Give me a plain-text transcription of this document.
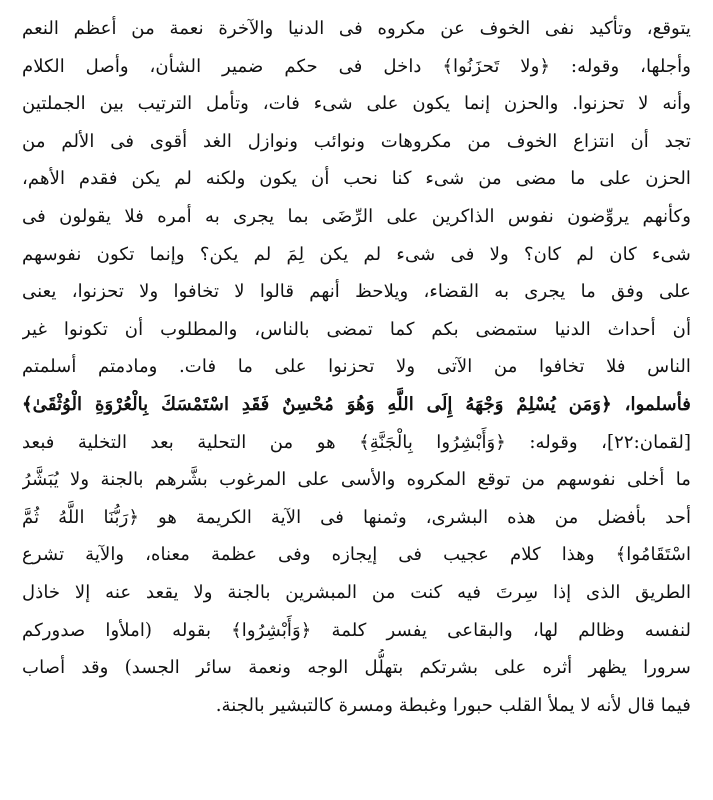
يتوقع، وتأكيد نفى الخوف عن مكروه فى الدنيا والآخرة نعمة من أعظم النعم
وأجلها، وقوله: ﴿ولا تَحزَنُوا﴾ داخل فى حكم ضمير الشأن، وأصل الكلام
وأنه لا تحزنوا. والحزن إنما يكون على شىء فات، وتأمل الترتيب بين الجملتين
تجد أن انتزاع الخوف من مكروهات ونوائب ونوازل الغد أقوى فى الألم من
الحزن على ما مضى من شىء كنا نحب أن يكون ولكنه لم يكن فقدم الأهم،
وكأنهم يروِّضون نفوس الذاكرين على الرِّضَى بما يجرى به أمره فلا يقولون فى
شىء كان لم كان؟ ولا فى شىء لم يكن لِمَ لم يكن؟ وإنما تكون نفوسهم
على وفق ما يجرى به القضاء، ويلاحظ أنهم قالوا لا تخافوا ولا تحزنوا، يعنى
أن أحداث الدنيا ستمضى بكم كما تمضى بالناس، والمطلوب أن تكونوا غير
الناس فلا تخافوا من الآتى ولا تحزنوا على ما فات. ومادمتم أسلمتم
فأسلموا، ﴿وَمَن يُسْلِمْ وَجْهَهُ إِلَى اللَّهِ وَهُوَ مُحْسِنٌ فَقَدِ اسْتَمْسَكَ بِالْعُرْوَةِ الْوُثْقَىٰ﴾
[لقمان:٢٢]، وقوله: ﴿وَأَبْشِرُوا بِالْجَنَّةِ﴾ هو من التحلية بعد التخلية فبعد
ما أخلى نفوسهم من توقع المكروه والأسى على المرغوب بشَّرهم بالجنة ولا يُبَشَّرُ
أحد بأفضل من هذه البشرى، وثمنها فى الآية الكريمة هو ﴿رَبُّنَا اللَّهُ ثُمَّ
اسْتَقَامُوا﴾ وهذا كلام عجيب فى إيجازه وفى عظمة معناه، والآية تشرع
الطريق الذى إذا سِرتَ فيه كنت من المبشرين بالجنة ولا يقعد عنه إلا خاذل
لنفسه وظالم لها، والبقاعى يفسر كلمة ﴿وَأَبْشِرُوا﴾ بقوله (املأوا صدوركم
سرورا يظهر أثره على بشرتكم بتهلُّل الوجه ونعمة سائر الجسد) وقد أصاب
فيما قال لأنه لا يملأ القلب حبورا وغبطة ومسرة كالتبشير بالجنة.
